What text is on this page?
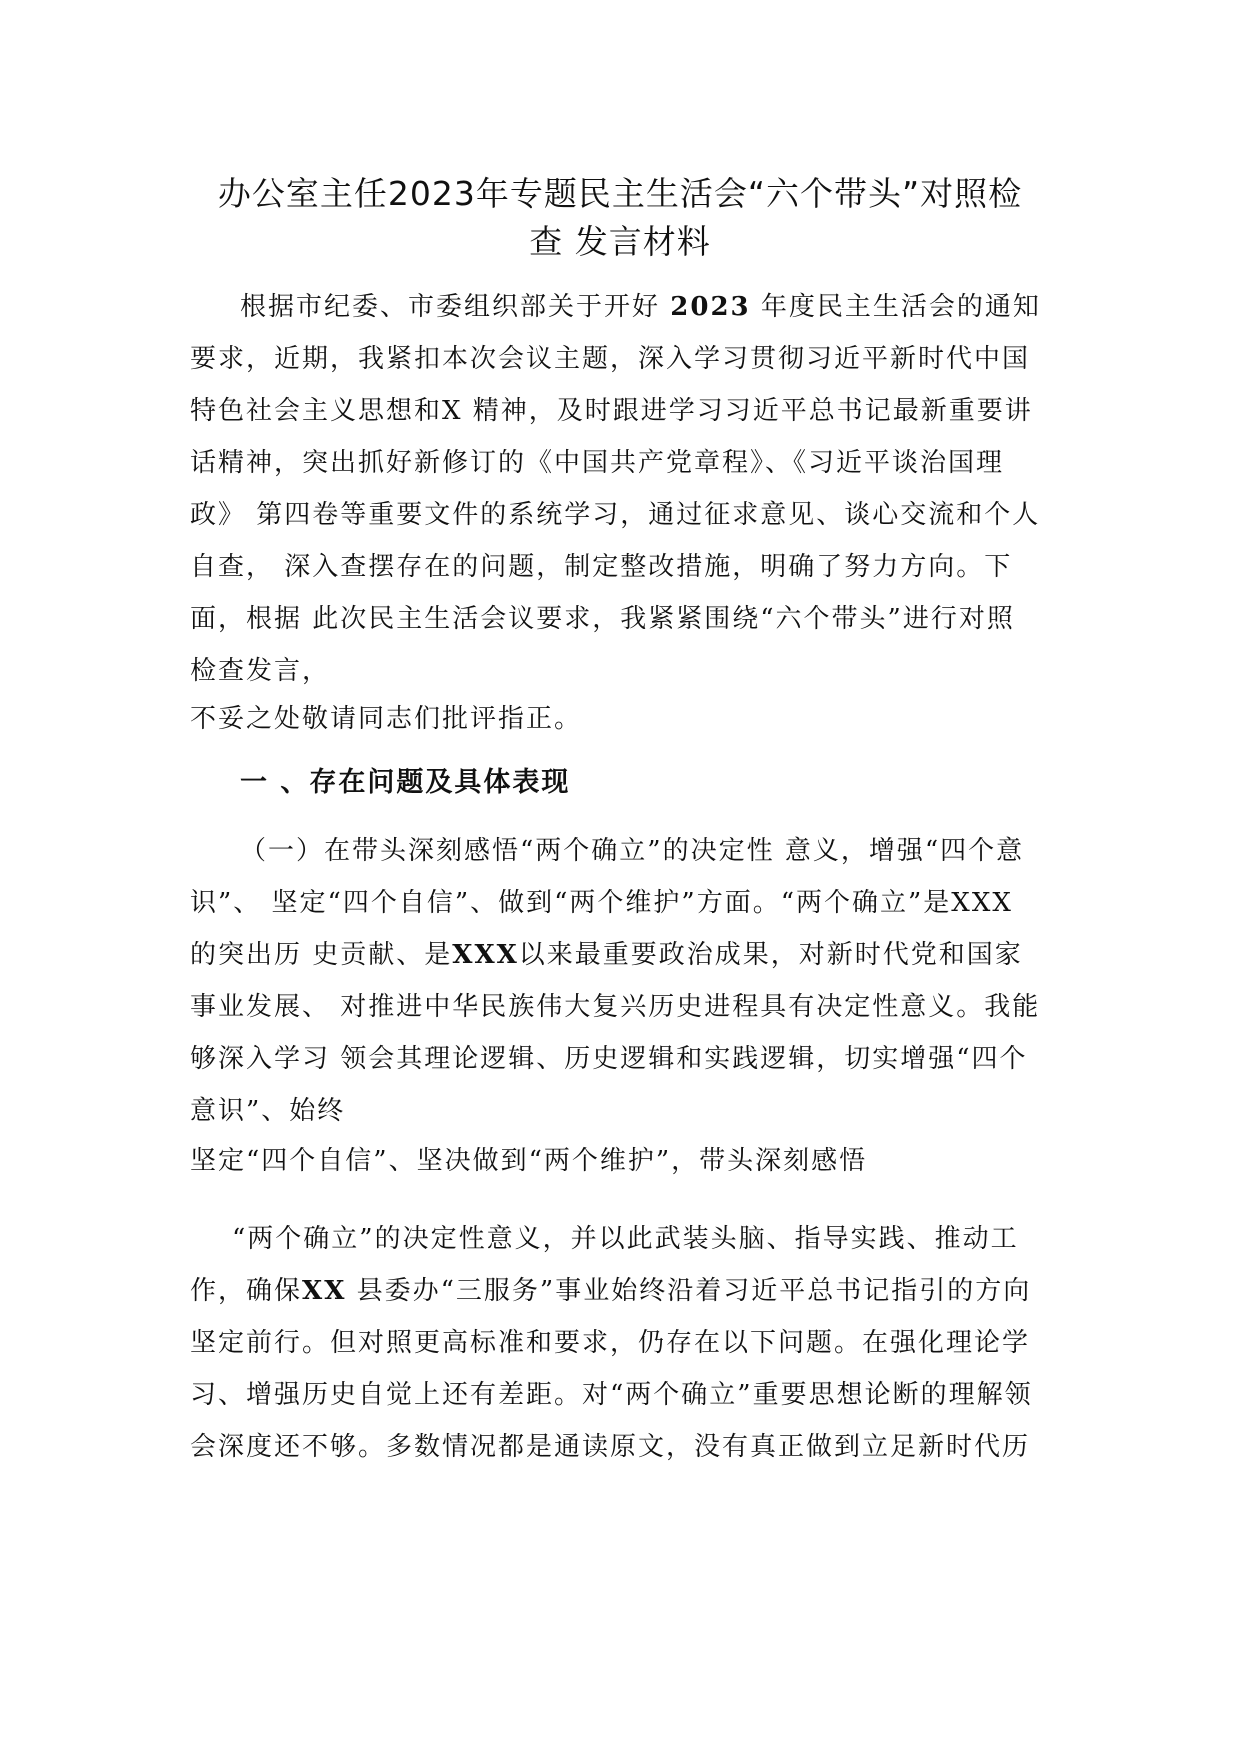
办公室主任2023年专题民主生活会“六个带头”对照检
查 发言材料
根据市纪委、市委组织部关于开好 2023 年度民主生活会的通知
要求，近期，我紧扣本次会议主题，深入学习贯彻习近平新时代中国
特色社会主义思想和X 精神，及时跟进学习习近平总书记最新重要讲
话精神，突出抓好新修订的《中国共产党章程》、《习近平谈治国理
政》 第四卷等重要文件的系统学习，通过征求意见、谈心交流和个人
自查， 深入查摆存在的问题，制定整改措施，明确了努力方向。下
面，根据 此次民主生活会议要求，我紧紧围绕“六个带头”进行对照
检查发言，
不妥之处敬请同志们批评指正。
一 、存在问题及具体表现
（一）在带头深刻感悟“两个确立”的决定性 意义，增强“四个意
识”、 坚定“四个自信”、做到“两个维护”方面。“两个确立”是XXX
的突出历 史贡献、是XXX以来最重要政治成果，对新时代党和国家
事业发展、 对推进中华民族伟大复兴历史进程具有决定性意义。我能
够深入学习 领会其理论逻辑、历史逻辑和实践逻辑，切实增强“四个
意识”、始终
坚定“四个自信”、坚决做到“两个维护”，带头深刻感悟
“两个确立”的决定性意义，并以此武装头脑、指导实践、推动工
作，确保XX 县委办“三服务”事业始终沿着习近平总书记指引的方向
坚定前行。但对照更高标准和要求，仍存在以下问题。在强化理论学
习、增强历史自觉上还有差距。对“两个确立”重要思想论断的理解领
会深度还不够。多数情况都是通读原文，没有真正做到立足新时代历
